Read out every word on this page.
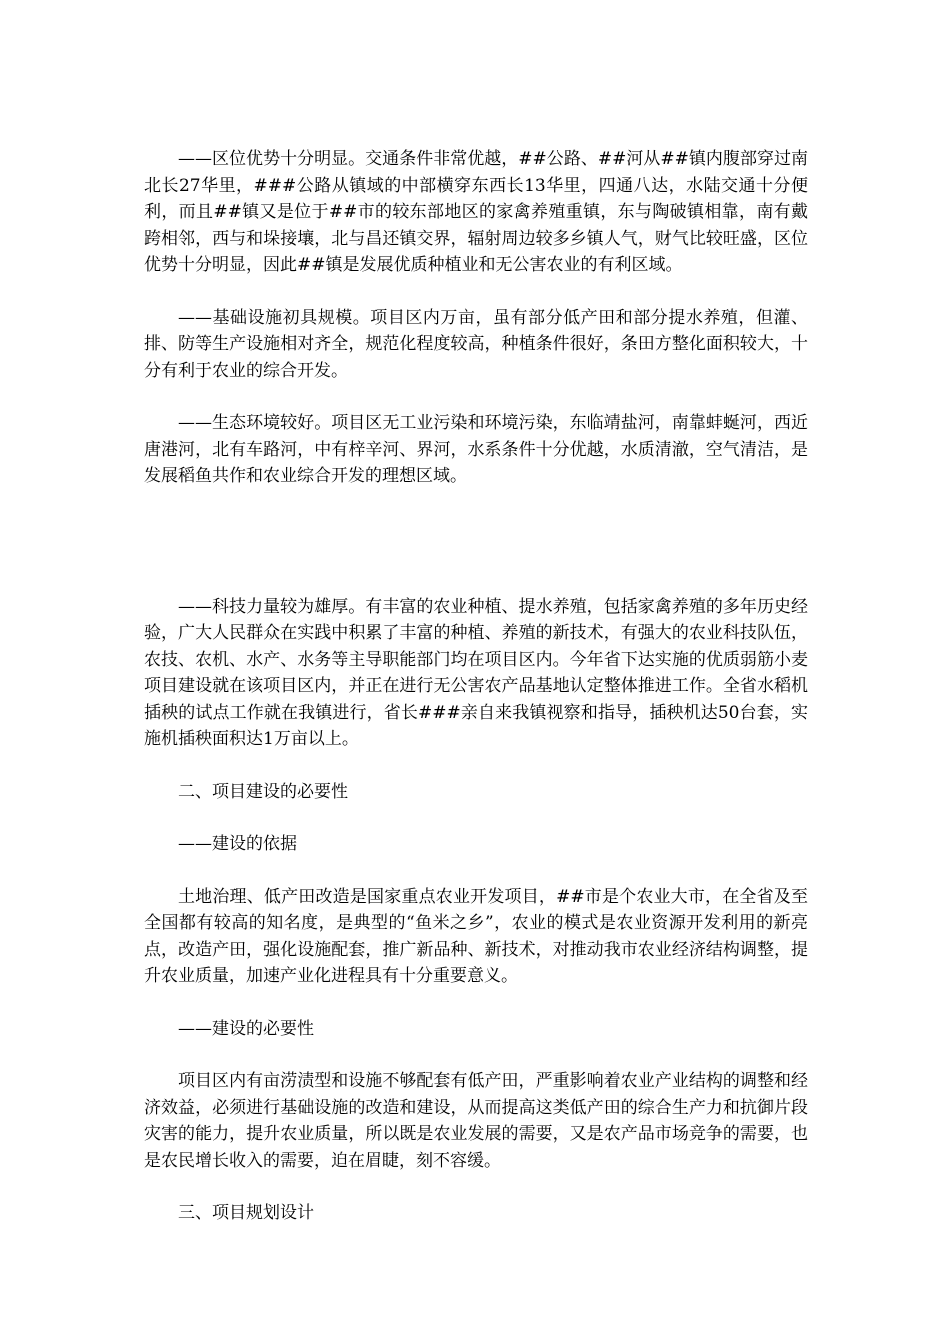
——区位优势十分明显。交通条件非常优越，##公路、##河从##镇内腹部穿过南北长27华里，###公路从镇域的中部横穿东西长13华里，四通八达，水陆交通十分便利，而且##镇又是位于##市的较东部地区的家禽养殖重镇，东与陶破镇相靠，南有戴跨相邻，西与和垛接壤，北与昌还镇交界，辐射周边较多乡镇人气，财气比较旺盛，区位优势十分明显，因此##镇是发展优质种植业和无公害农业的有利区域。

——基础设施初具规模。项目区内万亩，虽有部分低产田和部分提水养殖，但灌、排、防等生产设施相对齐全，规范化程度较高，种植条件很好，条田方整化面积较大，十分有利于农业的综合开发。

——生态环境较好。项目区无工业污染和环境污染，东临靖盐河，南靠蚌蜒河，西近唐港河，北有车路河，中有梓辛河、界河，水系条件十分优越，水质清澈，空气清洁，是发展稻鱼共作和农业综合开发的理想区域。

——科技力量较为雄厚。有丰富的农业种植、提水养殖，包括家禽养殖的多年历史经验，广大人民群众在实践中积累了丰富的种植、养殖的新技术，有强大的农业科技队伍，农技、农机、水产、水务等主导职能部门均在项目区内。今年省下达实施的优质弱筋小麦项目建设就在该项目区内，并正在进行无公害农产品基地认定整体推进工作。全省水稻机插秧的试点工作就在我镇进行，省长###亲自来我镇视察和指导，插秧机达50台套，实施机插秧面积达1万亩以上。

二、项目建设的必要性

——建设的依据

土地治理、低产田改造是国家重点农业开发项目，##市是个农业大市，在全省及至全国都有较高的知名度，是典型的“鱼米之乡”，农业的模式是农业资源开发利用的新亮点，改造产田，强化设施配套，推广新品种、新技术，对推动我市农业经济结构调整，提升农业质量，加速产业化进程具有十分重要意义。

——建设的必要性

项目区内有亩涝渍型和设施不够配套有低产田，严重影响着农业产业结构的调整和经济效益，必须进行基础设施的改造和建设，从而提高这类低产田的综合生产力和抗御片段灾害的能力，提升农业质量，所以既是农业发展的需要，又是农产品市场竞争的需要，也是农民增长收入的需要，迫在眉睫，刻不容缓。

三、项目规划设计
